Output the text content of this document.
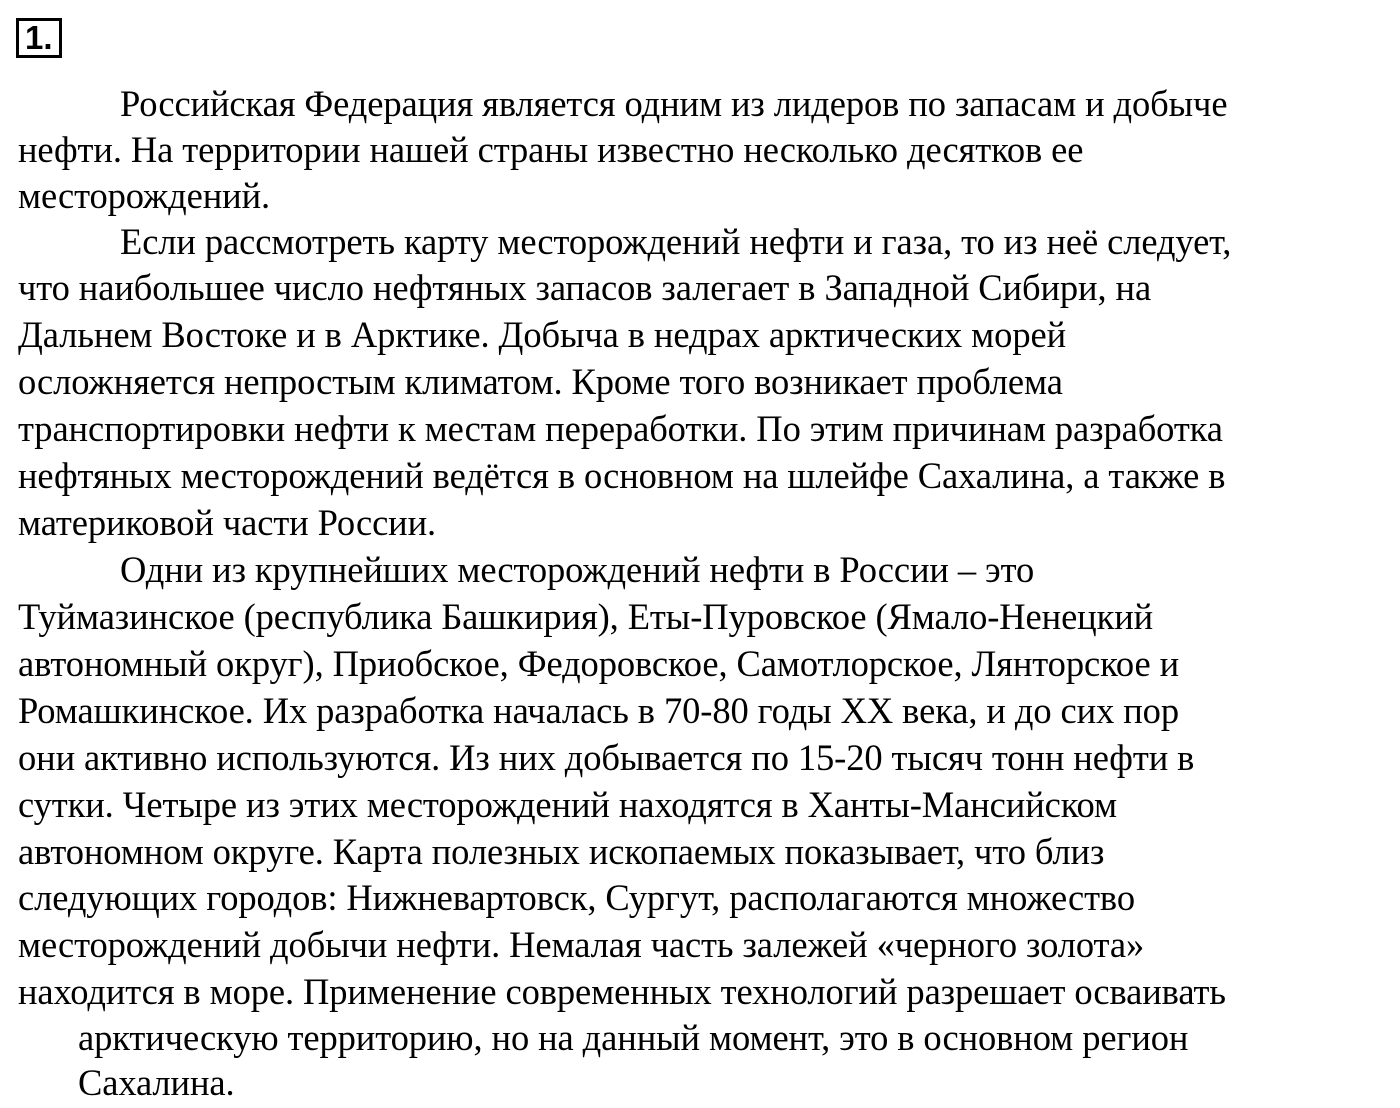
1.
Российская Федерация является одним из лидеров по запасам и добыче
нефти. На территории нашей страны известно несколько десятков ее
месторождений.
Если рассмотреть карту месторождений нефти и газа, то из неё следует,
что наибольшее число нефтяных запасов залегает в Западной Сибири, на
Дальнем Востоке и в Арктике. Добыча в недрах арктических морей
осложняется непростым климатом. Кроме того возникает проблема
транспортировки нефти к местам переработки. По этим причинам разработка
нефтяных месторождений ведётся в основном на шлейфе Сахалина, а также в
материковой части России.
Одни из крупнейших месторождений нефти в России – это
Туймазинское (республика Башкирия), Еты-Пуровское (Ямало-Ненецкий
автономный округ), Приобское, Федоровское, Самотлорское, Лянторское и
Ромашкинское. Их разработка началась в 70-80 годы XX века, и до сих пор
они активно используются. Из них добывается по 15-20 тысяч тонн нефти в
сутки. Четыре из этих месторождений находятся в Ханты-Мансийском
автономном округе. Карта полезных ископаемых показывает, что близ
следующих городов: Нижневартовск, Сургут, располагаются множество
месторождений добычи нефти. Немалая часть залежей «черного золота»
находится в море. Применение современных технологий разрешает осваивать
арктическую территорию, но на данный момент, это в основном регион
Сахалина.
